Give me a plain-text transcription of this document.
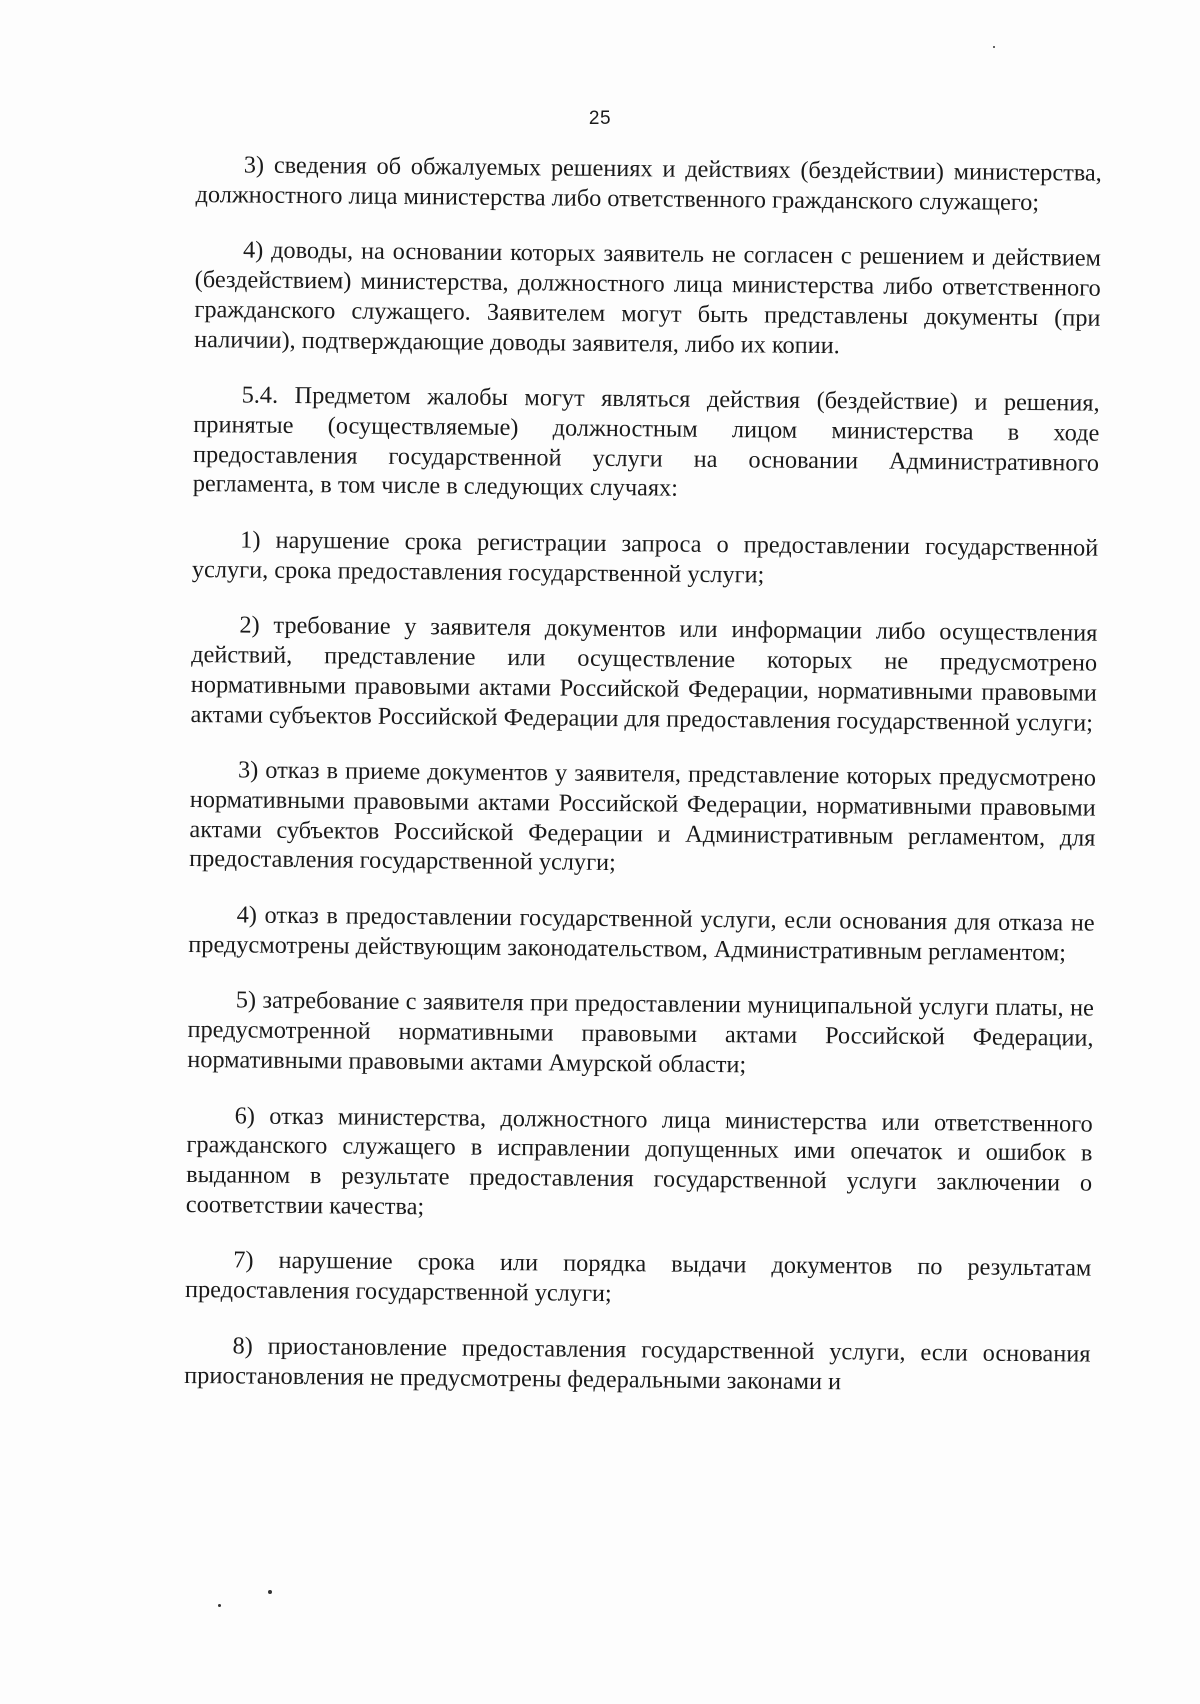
25

3) сведения об обжалуемых решениях и действиях (бездействии) министерства, должностного лица министерства либо ответственного гражданского служащего;

4) доводы, на основании которых заявитель не согласен с решением и действием (бездействием) министерства, должностного лица министерства либо ответственного гражданского служащего. Заявителем могут быть представлены документы (при наличии), подтверждающие доводы заявителя, либо их копии.

5.4. Предметом жалобы могут являться действия (бездействие) и решения, принятые (осуществляемые) должностным лицом министерства в ходе предоставления государственной услуги на основании Административного регламента, в том числе в следующих случаях:

1) нарушение срока регистрации запроса о предоставлении государственной услуги, срока предоставления государственной услуги;

2) требование у заявителя документов или информации либо осуществления действий, представление или осуществление которых не предусмотрено нормативными правовыми актами Российской Федерации, нормативными правовыми актами субъектов Российской Федерации для предоставления государственной услуги;

3) отказ в приеме документов у заявителя, представление которых предусмотрено нормативными правовыми актами Российской Федерации, нормативными правовыми актами субъектов Российской Федерации и Административным регламентом, для предоставления государственной услуги;

4) отказ в предоставлении государственной услуги, если основания для отказа не предусмотрены действующим законодательством, Административным регламентом;

5) затребование с заявителя при предоставлении муниципальной услуги платы, не предусмотренной нормативными правовыми актами Российской Федерации, нормативными правовыми актами Амурской области;

6) отказ министерства, должностного лица министерства или ответственного гражданского служащего в исправлении допущенных ими опечаток и ошибок в выданном в результате предоставления государственной услуги заключении о соответствии качества;

7) нарушение срока или порядка выдачи документов по результатам предоставления государственной услуги;

8) приостановление предоставления государственной услуги, если основания приостановления не предусмотрены федеральными законами и
